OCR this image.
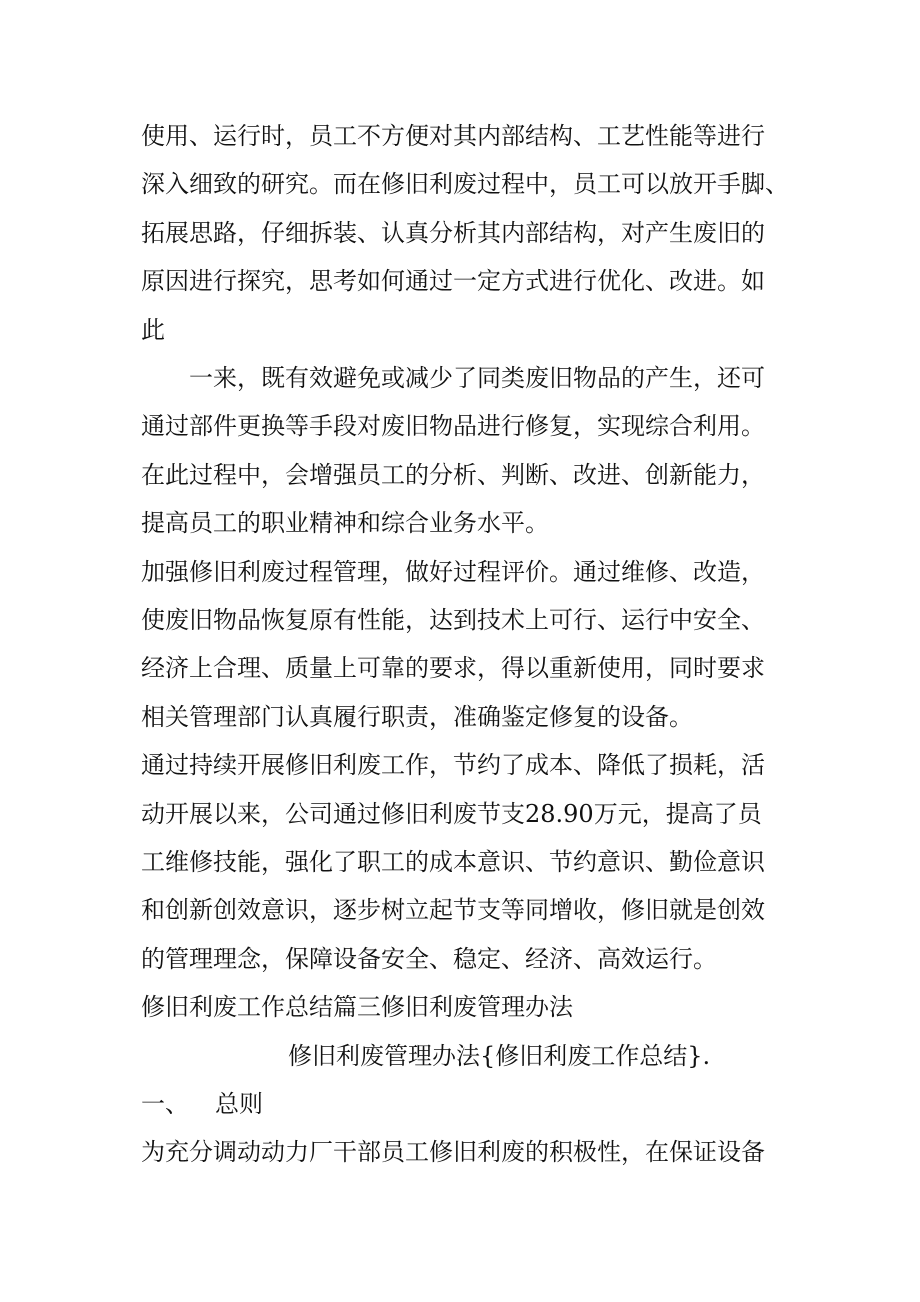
使用、运行时，员工不方便对其内部结构、工艺性能等进行
深入细致的研究。而在修旧利废过程中，员工可以放开手脚、
拓展思路，仔细拆装、认真分析其内部结构，对产生废旧的
原因进行探究，思考如何通过一定方式进行优化、改进。如
此
一来，既有效避免或减少了同类废旧物品的产生，还可
通过部件更换等手段对废旧物品进行修复，实现综合利用。
在此过程中，会增强员工的分析、判断、改进、创新能力，
提高员工的职业精神和综合业务水平。
加强修旧利废过程管理，做好过程评价。通过维修、改造，
使废旧物品恢复原有性能，达到技术上可行、运行中安全、
经济上合理、质量上可靠的要求，得以重新使用，同时要求
相关管理部门认真履行职责，准确鉴定修复的设备。
通过持续开展修旧利废工作，节约了成本、降低了损耗，活
动开展以来，公司通过修旧利废节支28.90万元，提高了员
工维修技能，强化了职工的成本意识、节约意识、勤俭意识
和创新创效意识，逐步树立起节支等同增收，修旧就是创效
的管理理念，保障设备安全、稳定、经济、高效运行。
修旧利废工作总结篇三修旧利废管理办法
修旧利废管理办法{修旧利废工作总结}.
一、 总则
为充分调动动力厂干部员工修旧利废的积极性，在保证设备
